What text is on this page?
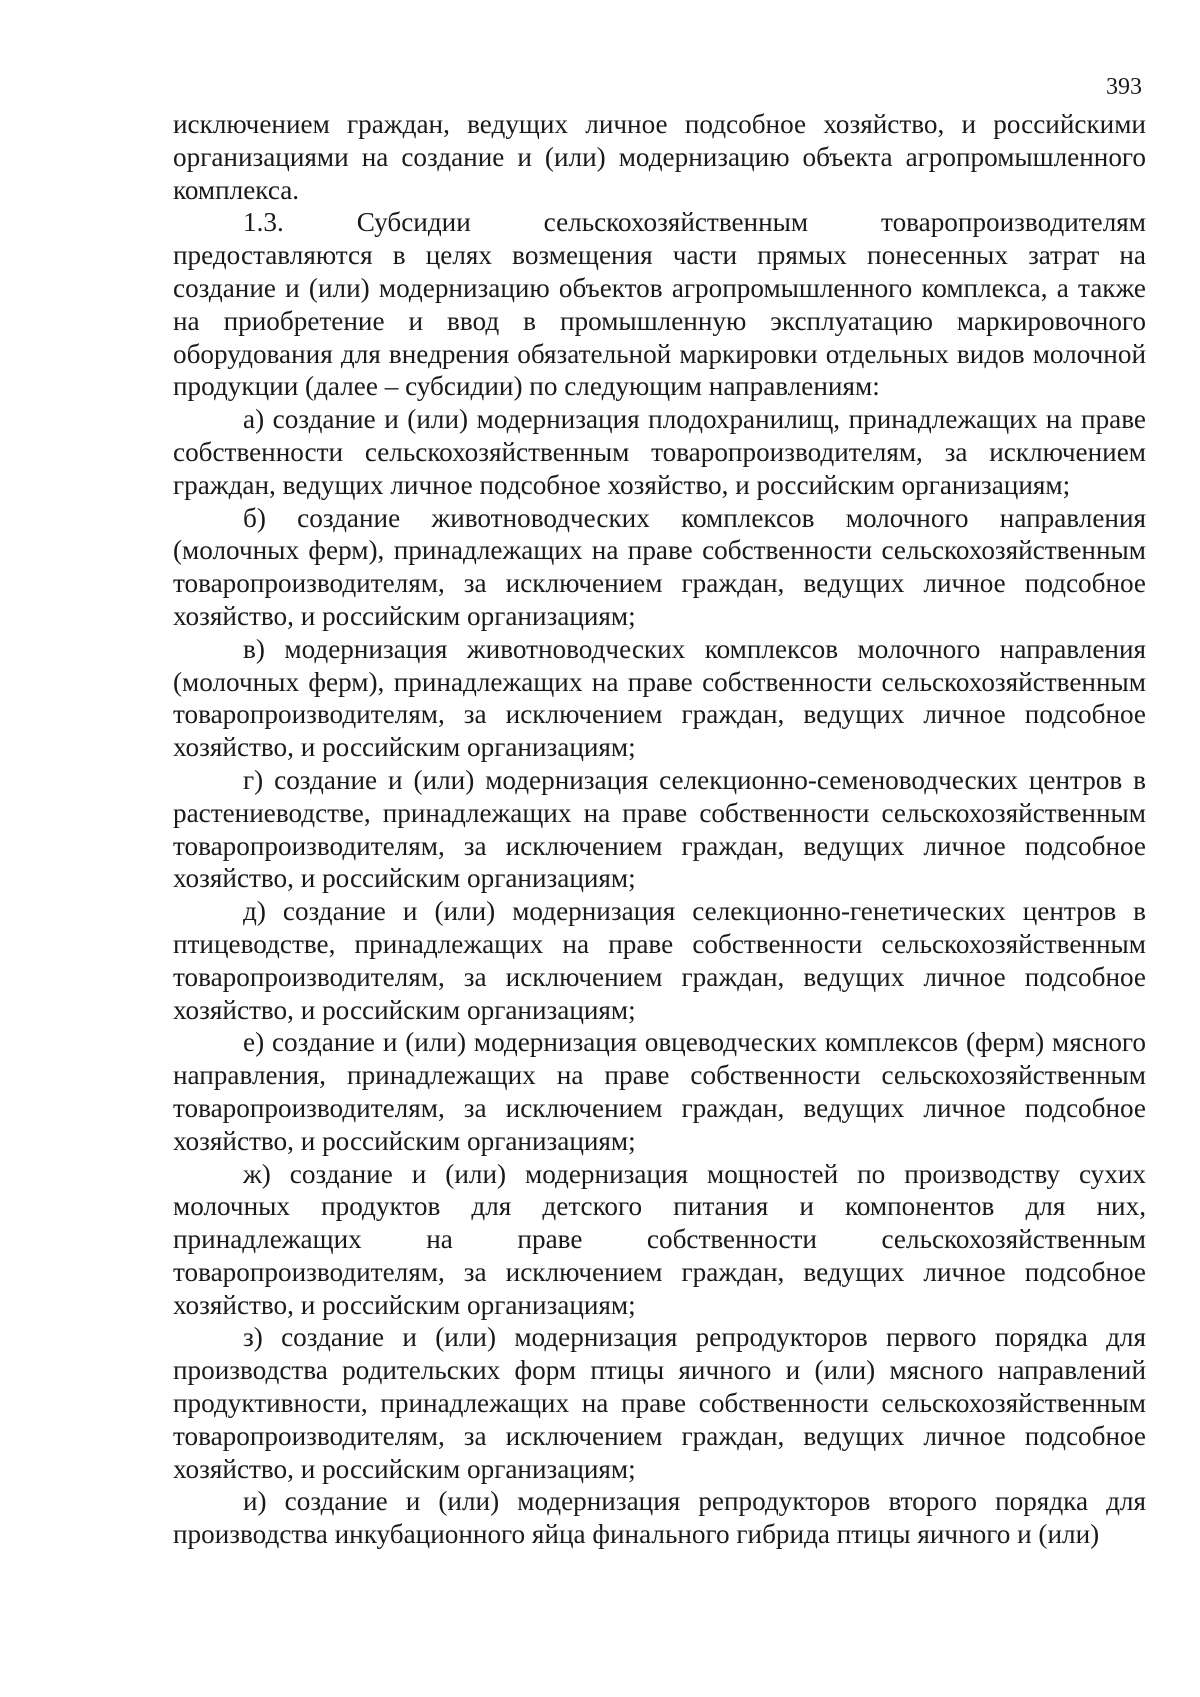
393

исключением граждан, ведущих личное подсобное хозяйство, и российскими организациями на создание и (или) модернизацию объекта агропромышленного комплекса.

1.3. Субсидии сельскохозяйственным товаропроизводителям предоставляются в целях возмещения части прямых понесенных затрат на создание и (или) модернизацию объектов агропромышленного комплекса, а также на приобретение и ввод в промышленную эксплуатацию маркировочного оборудования для внедрения обязательной маркировки отдельных видов молочной продукции (далее – субсидии) по следующим направлениям:

а) создание и (или) модернизация плодохранилищ, принадлежащих на праве собственности сельскохозяйственным товаропроизводителям, за исключением граждан, ведущих личное подсобное хозяйство, и российским организациям;

б) создание животноводческих комплексов молочного направления (молочных ферм), принадлежащих на праве собственности сельскохозяйственным товаропроизводителям, за исключением граждан, ведущих личное подсобное хозяйство, и российским организациям;

в) модернизация животноводческих комплексов молочного направления (молочных ферм), принадлежащих на праве собственности сельскохозяйственным товаропроизводителям, за исключением граждан, ведущих личное подсобное хозяйство, и российским организациям;

г) создание и (или) модернизация селекционно-семеноводческих центров в растениеводстве, принадлежащих на праве собственности сельскохозяйственным товаропроизводителям, за исключением граждан, ведущих личное подсобное хозяйство, и российским организациям;

д) создание и (или) модернизация селекционно-генетических центров в птицеводстве, принадлежащих на праве собственности сельскохозяйственным товаропроизводителям, за исключением граждан, ведущих личное подсобное хозяйство, и российским организациям;

е) создание и (или) модернизация овцеводческих комплексов (ферм) мясного направления, принадлежащих на праве собственности сельскохозяйственным товаропроизводителям, за исключением граждан, ведущих личное подсобное хозяйство, и российским организациям;

ж) создание и (или) модернизация мощностей по производству сухих молочных продуктов для детского питания и компонентов для них, принадлежащих на праве собственности сельскохозяйственным товаропроизводителям, за исключением граждан, ведущих личное подсобное хозяйство, и российским организациям;

з) создание и (или) модернизация репродукторов первого порядка для производства родительских форм птицы яичного и (или) мясного направлений продуктивности, принадлежащих на праве собственности сельскохозяйственным товаропроизводителям, за исключением граждан, ведущих личное подсобное хозяйство, и российским организациям;

и) создание и (или) модернизация репродукторов второго порядка для производства инкубационного яйца финального гибрида птицы яичного и (или)
